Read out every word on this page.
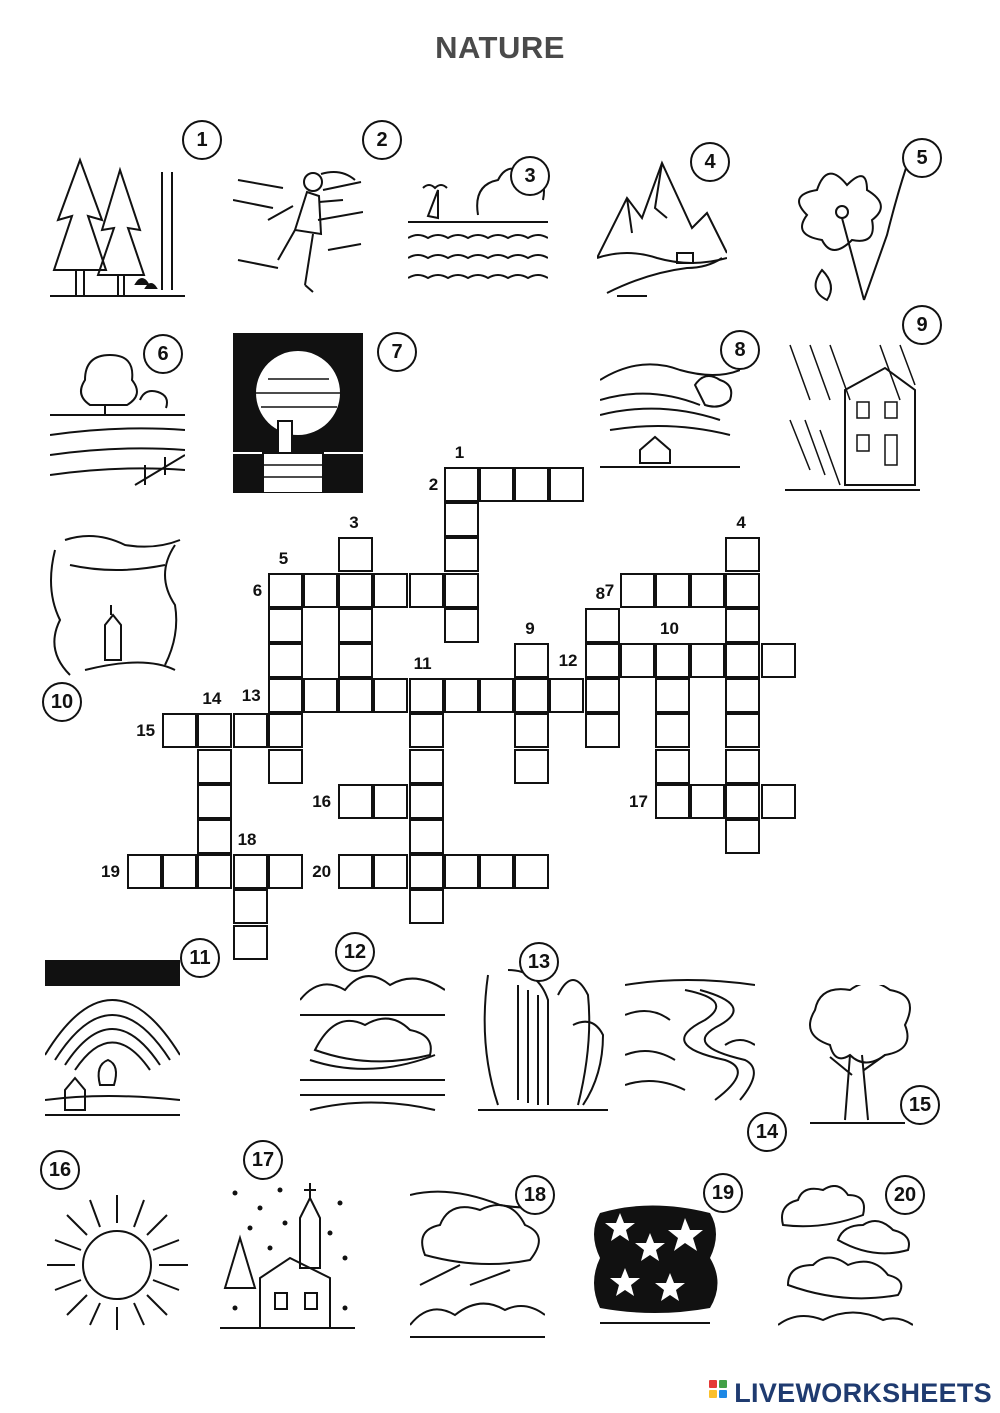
NATURE
1	2
3
4	5
6	7	8
9
10
1
2
3	4
5
6	7
8
9	10
11	12
13
14
15
16	17
18
19	20
11	12	13
14
15
16	17
18	19	20
LIVEWORKSHEETS
